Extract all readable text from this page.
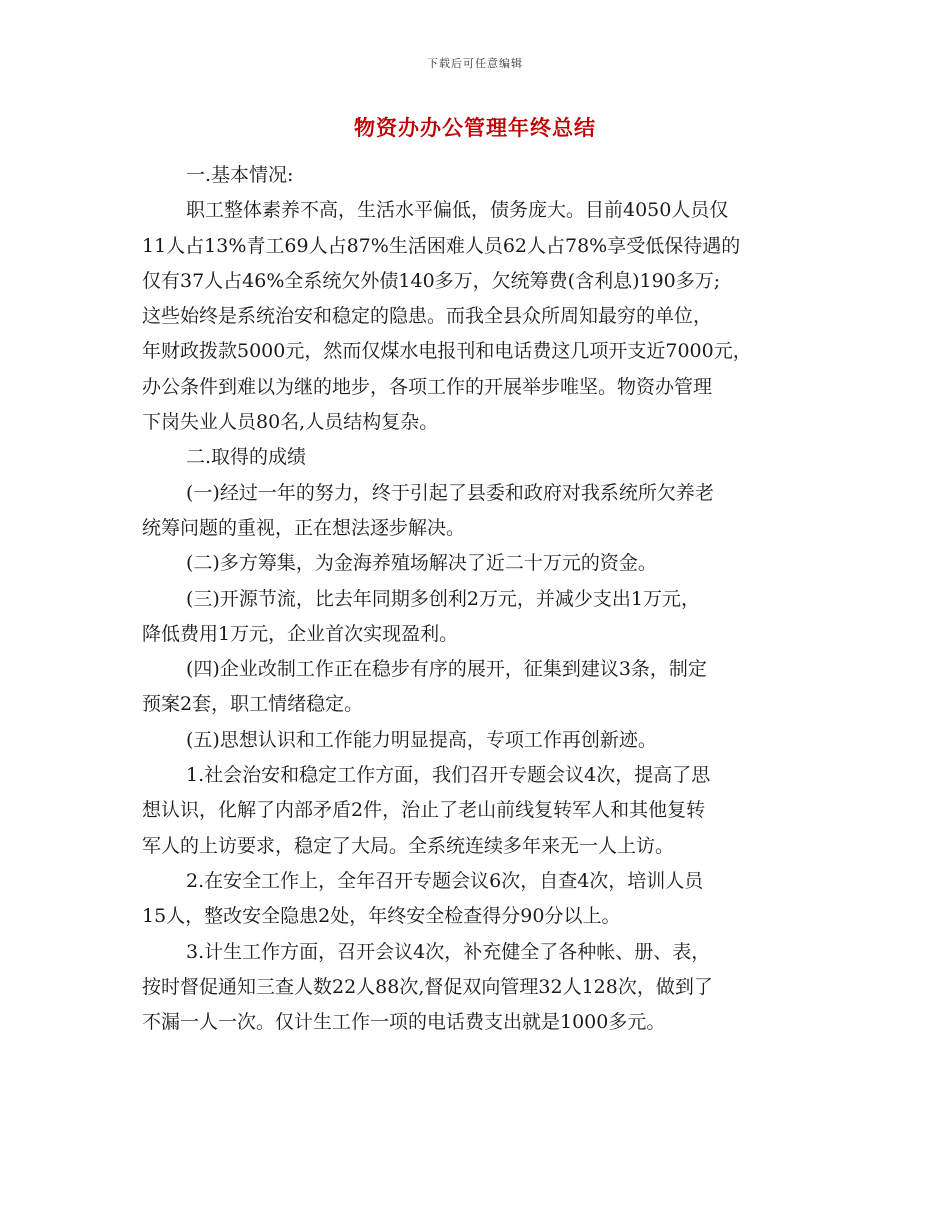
下载后可任意编辑
物资办办公管理年终总结
一.基本情况:
职工整体素养不高，生活水平偏低，债务庞大。目前4050人员仅
11人占13%青工69人占87%生活困难人员62人占78%享受低保待遇的
仅有37人占46%全系统欠外债140多万，欠统筹费(含利息)190多万;
这些始终是系统治安和稳定的隐患。而我全县众所周知最穷的单位，
年财政拨款5000元，然而仅煤水电报刊和电话费这几项开支近7000元，
办公条件到难以为继的地步，各项工作的开展举步唯坚。物资办管理
下岗失业人员80名,人员结构复杂。
二.取得的成绩
(一)经过一年的努力，终于引起了县委和政府对我系统所欠养老
统筹问题的重视，正在想法逐步解决。
(二)多方筹集，为金海养殖场解决了近二十万元的资金。
(三)开源节流，比去年同期多创利2万元，并减少支出1万元，
降低费用1万元，企业首次实现盈利。
(四)企业改制工作正在稳步有序的展开，征集到建议3条，制定
预案2套，职工情绪稳定。
(五)思想认识和工作能力明显提高，专项工作再创新迹。
1.社会治安和稳定工作方面，我们召开专题会议4次，提高了思
想认识，化解了内部矛盾2件，治止了老山前线复转军人和其他复转
军人的上访要求，稳定了大局。全系统连续多年来无一人上访。
2.在安全工作上，全年召开专题会议6次，自查4次，培训人员
15人，整改安全隐患2处，年终安全检查得分90分以上。
3.计生工作方面，召开会议4次，补充健全了各种帐、册、表，
按时督促通知三查人数22人88次,督促双向管理32人128次，做到了
不漏一人一次。仅计生工作一项的电话费支出就是1000多元。
